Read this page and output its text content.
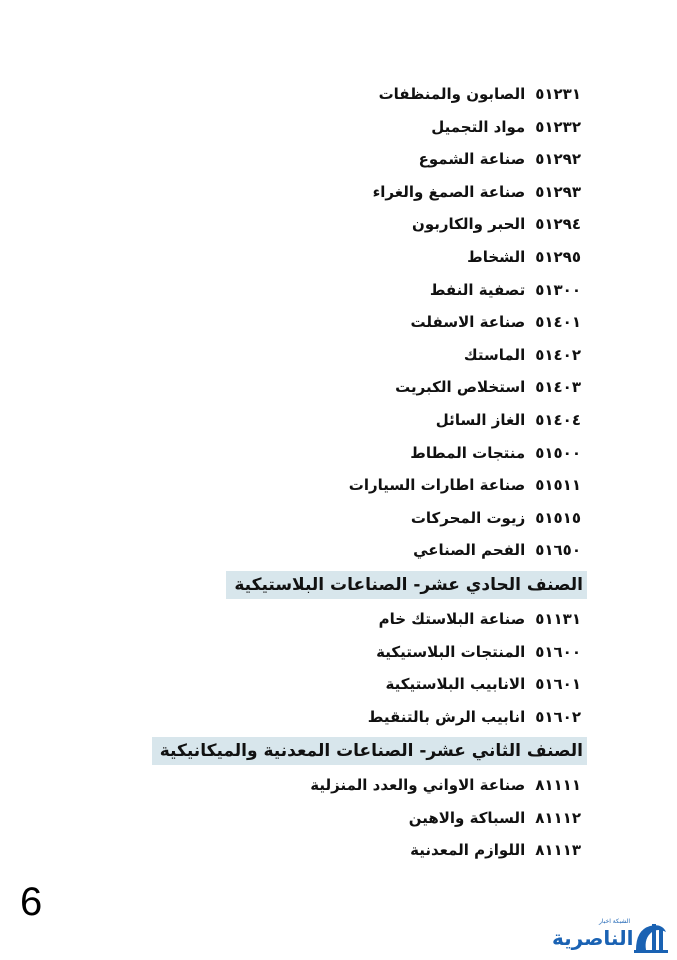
٥١٢٣١الصابون والمنظفات
٥١٢٣٢مواد التجميل
٥١٢٩٢صناعة الشموع
٥١٢٩٣صناعة الصمغ والغراء
٥١٢٩٤الحبر والكاربون
٥١٢٩٥الشخاط
٥١٣٠٠تصفية النفط
٥١٤٠١صناعة الاسفلت
٥١٤٠٢الماستك
٥١٤٠٣استخلاص الكبريت
٥١٤٠٤الغاز السائل
٥١٥٠٠منتجات المطاط
٥١٥١١صناعة اطارات السيارات
٥١٥١٥زيوت المحركات
٥١٦٥٠الفحم الصناعي
الصنف الحادي عشر- الصناعات البلاستيكية
٥١١٣١صناعة البلاستك خام
٥١٦٠٠المنتجات البلاستيكية
٥١٦٠١الانابيب البلاستيكية
٥١٦٠٢انابيب الرش بالتنقيط
الصنف الثاني عشر- الصناعات المعدنية والميكانيكية
٨١١١١صناعة الاواني والعدد المنزلية
٨١١١٢السباكة والاهين
٨١١١٣اللوازم المعدنية
6	الشبكة اخبار
الناصرية
